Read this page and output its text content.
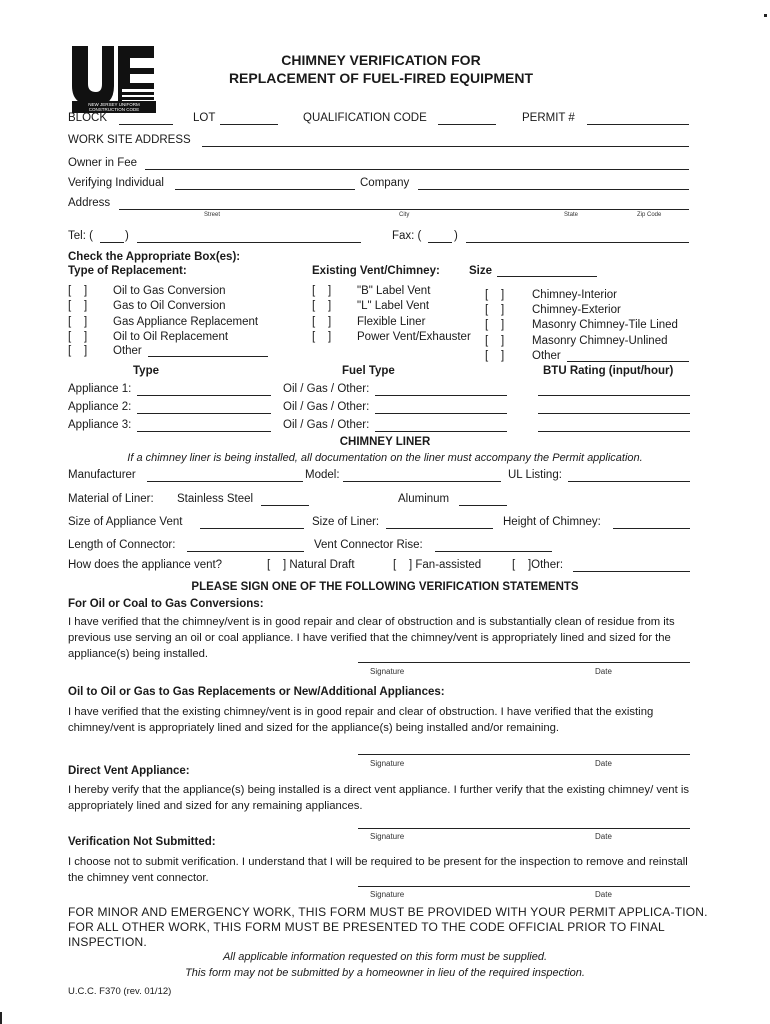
NEW JERSEY UNIFORM CONSTRUCTION CODE
CHIMNEY VERIFICATION FOR
REPLACEMENT OF FUEL-FIRED EQUIPMENT
BLOCK	LOT	QUALIFICATION CODE	PERMIT #
WORK SITE ADDRESS
Owner in Fee
Verifying Individual	Company
Address
Street	City	State	Zip Code
Tel: (	)	Fax: (	)
Check the Appropriate Box(es):
Type of Replacement:
[    ] Oil to Gas Conversion
[    ] Gas to Oil Conversion
[    ] Gas Appliance Replacement
[    ] Oil to Oil Replacement
[    ] Other
Existing Vent/Chimney:	Size
[    ] "B" Label Vent
[    ] "L" Label Vent
[    ] Flexible Liner
[    ] Power Vent/Exhauster
[    ] Chimney-Interior
[    ] Chimney-Exterior
[    ] Masonry Chimney-Tile Lined
[    ] Masonry Chimney-Unlined
[    ] Other
Type	Fuel Type	BTU Rating (input/hour)
Appliance 1:	Oil / Gas / Other:
Appliance 2:	Oil / Gas / Other:
Appliance 3:	Oil / Gas / Other:
CHIMNEY LINER
If a chimney liner is being installed, all documentation on the liner must accompany the Permit application.
Manufacturer	Model:	UL Listing:
Material of Liner: Stainless Steel	Aluminum
Size of Appliance Vent	Size of Liner:	Height of Chimney:
Length of Connector:	Vent Connector Rise:
How does the appliance vent?	[    ] Natural Draft	[    ] Fan-assisted	[    ]Other:
PLEASE SIGN ONE OF THE FOLLOWING VERIFICATION STATEMENTS
For Oil or Coal to Gas Conversions:
I have verified that the chimney/vent is in good repair and clear of obstruction and is substantially clean of residue from its previous use serving an oil or coal appliance. I have verified that the chimney/vent is appropriately lined and sized for the appliance(s) being installed.
Signature	Date
Oil to Oil or Gas to Gas Replacements or New/Additional Appliances:
I have verified that the existing chimney/vent is in good repair and clear of obstruction. I have verified that the existing chimney/vent is appropriately lined and sized for the appliance(s) being installed and/or remaining.
Signature	Date
Direct Vent Appliance:
I hereby verify that the appliance(s) being installed is a direct vent appliance. I further verify that the existing chimney/ vent is appropriately lined and sized for any remaining appliances.
Signature	Date
Verification Not Submitted:
I choose not to submit verification. I understand that I will be required to be present for the inspection to remove and reinstall the chimney vent connector.
Signature	Date
FOR MINOR AND EMERGENCY WORK, THIS FORM MUST BE PROVIDED WITH YOUR PERMIT APPLICA-TION. FOR ALL OTHER WORK, THIS FORM MUST BE PRESENTED TO THE CODE OFFICIAL PRIOR TO FINAL INSPECTION.
All applicable information requested on this form must be supplied.
This form may not be submitted by a homeowner in lieu of the required inspection.
U.C.C. F370 (rev. 01/12)
